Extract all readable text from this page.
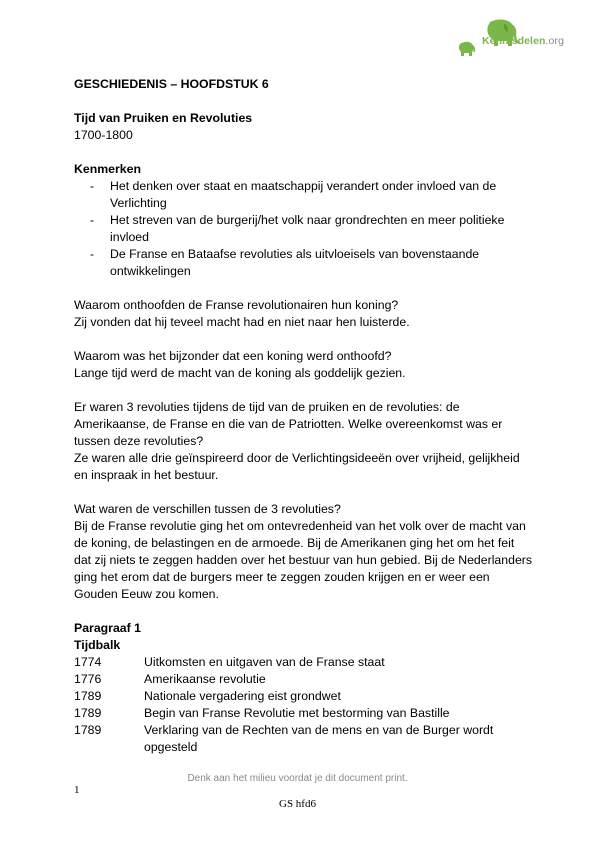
Kennisdelen.org
GESCHIEDENIS – HOOFDSTUK 6
Tijd van Pruiken en Revoluties
1700-1800
Kenmerken
- Het denken over staat en maatschappij verandert onder invloed van de Verlichting
- Het streven van de burgerij/het volk naar grondrechten en meer politieke invloed
- De Franse en Bataafse revoluties als uitvloeisels van bovenstaande ontwikkelingen
Waarom onthoofden de Franse revolutionairen hun koning?
Zij vonden dat hij teveel macht had en niet naar hen luisterde.
Waarom was het bijzonder dat een koning werd onthoofd?
Lange tijd werd de macht van de koning als goddelijk gezien.
Er waren 3 revoluties tijdens de tijd van de pruiken en de revoluties: de Amerikaanse, de Franse en die van de Patriotten. Welke overeenkomst was er tussen deze revoluties?
Ze waren alle drie geïnspireerd door de Verlichtingsideeën over vrijheid, gelijkheid en inspraak in het bestuur.
Wat waren de verschillen tussen de 3 revoluties?
Bij de Franse revolutie ging het om ontevredenheid van het volk over de macht van de koning, de belastingen en de armoede. Bij de Amerikanen ging het om het feit dat zij niets te zeggen hadden over het bestuur van hun gebied. Bij de Nederlanders ging het erom dat de burgers meer te zeggen zouden krijgen en er weer een Gouden Eeuw zou komen.
Paragraaf 1
Tijdbalk
1774	Uitkomsten en uitgaven van de Franse staat
1776	Amerikaanse revolutie
1789	Nationale vergadering eist grondwet
1789	Begin van Franse Revolutie met bestorming van Bastille
1789	Verklaring van de Rechten van de mens en van de Burger wordt opgesteld
Denk aan het milieu voordat je dit document print.
1
GS hfd6
